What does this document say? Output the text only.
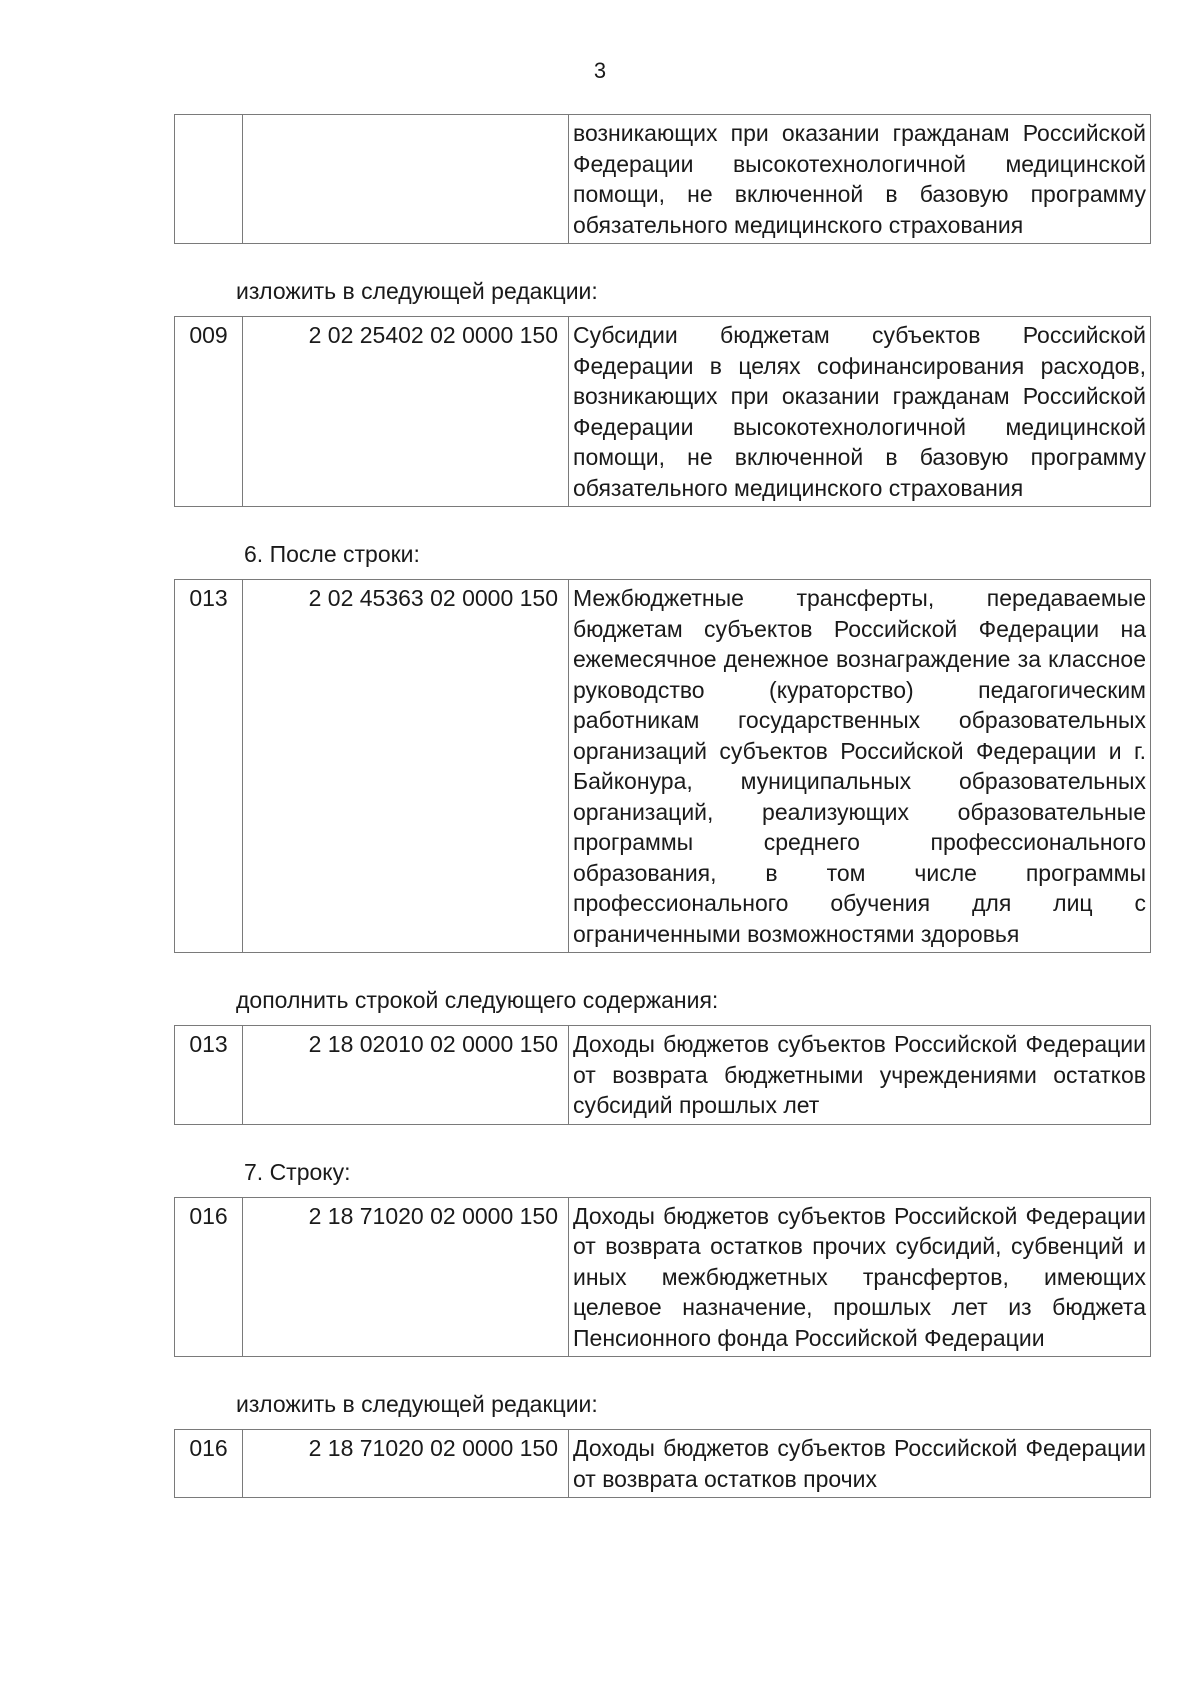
3
		возникающих при оказании гражданам Российской Федерации высокотехнологичной медицинской помощи, не включенной в базовую программу обязательного медицинского страхования

изложить в следующей редакции:

009	2 02 25402 02 0000 150	Субсидии бюджетам субъектов Российской Федерации в целях софинансирования расходов, возникающих при оказании гражданам Российской Федерации высокотехнологичной медицинской помощи, не включенной в базовую программу обязательного медицинского страхования

6. После строки:

013	2 02 45363 02 0000 150	Межбюджетные трансферты, передаваемые бюджетам субъектов Российской Федерации на ежемесячное денежное вознаграждение за классное руководство (кураторство) педагогическим работникам государственных образовательных организаций субъектов Российской Федерации и г. Байконура, муниципальных образовательных организаций, реализующих образовательные программы среднего профессионального образования, в том числе программы профессионального обучения для лиц с ограниченными возможностями здоровья

дополнить строкой следующего содержания:

013	2 18 02010 02 0000 150	Доходы бюджетов субъектов Российской Федерации от возврата бюджетными учреждениями остатков субсидий прошлых лет

7. Строку:

016	2 18 71020 02 0000 150	Доходы бюджетов субъектов Российской Федерации от возврата остатков прочих субсидий, субвенций и иных межбюджетных трансфертов, имеющих целевое назначение, прошлых лет из бюджета Пенсионного фонда Российской Федерации

изложить в следующей редакции:

016	2 18 71020 02 0000 150	Доходы бюджетов субъектов Российской Федерации от возврата остатков прочих
